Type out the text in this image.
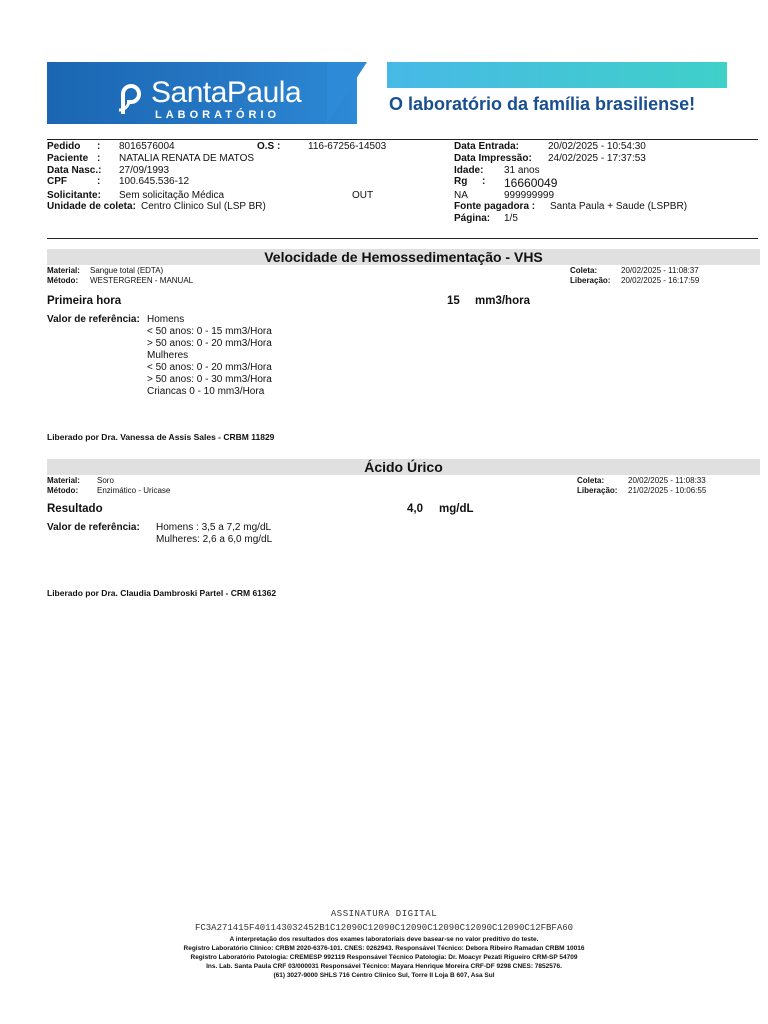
SantaPaula
LABORATÓRIO
O laboratório da família brasiliense!
Pedido : 8016576004	O.S :	116-67256-14503	Data Entrada:	20/02/2025 - 10:54:30
Paciente : NATALIA RENATA DE MATOS	Data Impressão: 24/02/2025 - 17:37:53
Data Nasc.: 27/09/1993	Idade: 31 anos
CPF	: 100.645.536-12	Rg : 16660049
Solicitante: Sem solicitação Médica	OUT	NA	999999999
Unidade de coleta: Centro Clinico Sul (LSP BR)	Fonte pagadora : Santa Paula + Saude (LSPBR)
Página: 1/5
Velocidade de Hemossedimentação - VHS
Material: Sangue total (EDTA)
Método: WESTERGREEN - MANUAL
Coleta:	20/02/2025 - 11:08:37
Liberação: 20/02/2025 - 16:17:59
Primeira hora	15 mm3/hora
Valor de referência: Homens
< 50 anos: 0 - 15 mm3/Hora
> 50 anos: 0 - 20 mm3/Hora
Mulheres
< 50 anos: 0 - 20 mm3/Hora
> 50 anos: 0 - 30 mm3/Hora
Criancas 0 - 10 mm3/Hora
Liberado por Dra. Vanessa de Assis Sales - CRBM 11829
Ácido Úrico
Material: Soro
Método: Enzimático - Uricase
Coleta:	20/02/2025 - 11:08:33
Liberação: 21/02/2025 - 10:06:55
Resultado	4,0 mg/dL
Valor de referência: Homens : 3,5 a 7,2 mg/dL
Mulheres: 2,6 a 6,0 mg/dL
Liberado por Dra. Claudia Dambroski Partel - CRM 61362
ASSINATURA DIGITAL
FC3A271415F401143032452B1C12090C12090C12090C12090C12090C12090C12FBFA60
A interpretação dos resultados dos exames laboratoriais deve basear-se no valor preditivo do teste.
Registro Laboratório Clínico: CRBM 2020-6376-101. CNES: 0262943. Responsável Técnico: Debora Ribeiro Ramadan CRBM 10016
Registro Laboratório Patologia: CREMESP 992119 Responsável Técnico Patologia: Dr. Moacyr Pezati Rigueiro CRM-SP 54709
Ins. Lab. Santa Paula CRF 03/000031 Responsável Técnico: Mayara Henrique Moreira CRF-DF 9298 CNES: 7852576.
(61) 3027-9000 SHLS 716 Centro Clinico Sul, Torre II Loja B 607, Asa Sul
